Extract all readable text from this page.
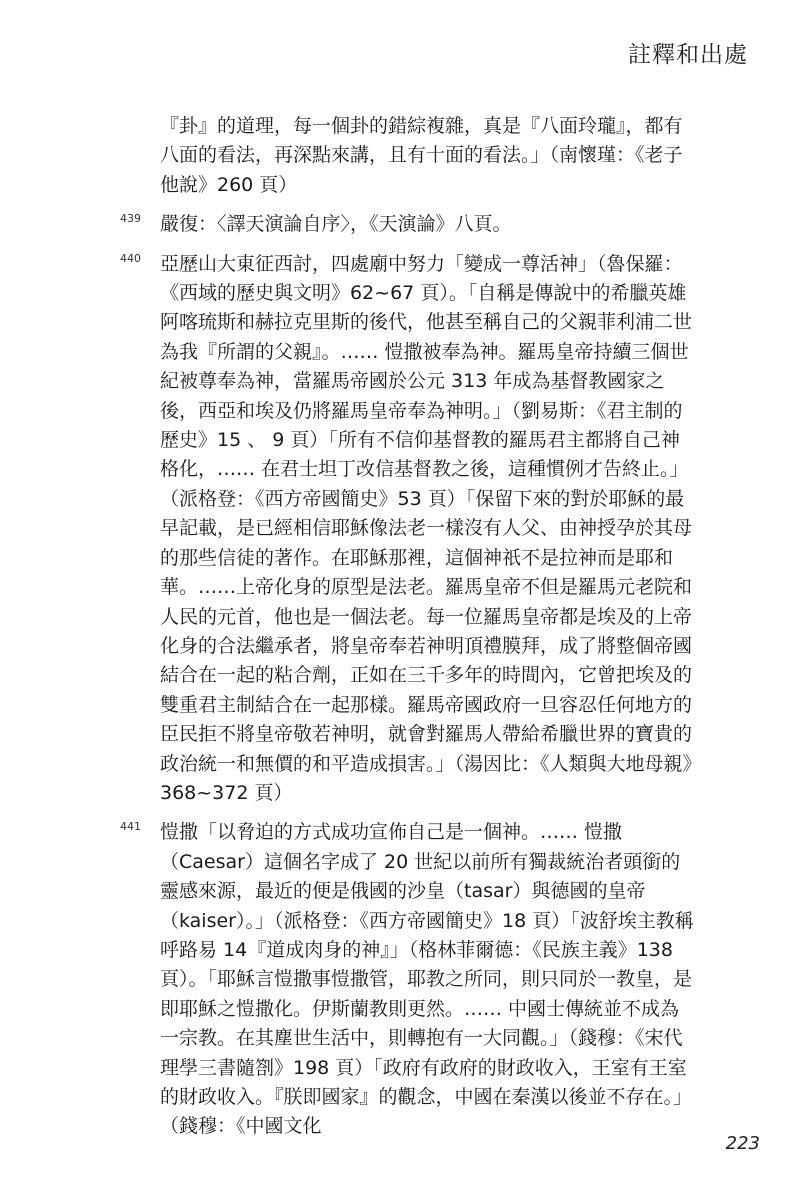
註釋和出處

『卦』的道理，每一個卦的錯綜複雜，真是『八面玲瓏』，都有八面的看法，再深點來講，且有十面的看法。」（南懷瑾：《老子他說》260 頁）

439 嚴復：〈譯天演論自序〉，《天演論》八頁。
440 亞歷山大東征西討，四處廟中努力「變成一尊活神」（魯保羅：《西域的歷史與文明》62~67 頁）。「自稱是傳說中的希臘英雄阿喀琉斯和赫拉克里斯的後代，他甚至稱自己的父親菲利浦二世為我『所謂的父親』。…… 愷撒被奉為神。羅馬皇帝持續三個世紀被尊奉為神，當羅馬帝國於公元 313 年成為基督教國家之後，西亞和埃及仍將羅馬皇帝奉為神明。」（劉易斯：《君主制的歷史》15 、 9 頁）「所有不信仰基督教的羅馬君主都將自己神格化，…… 在君士坦丁改信基督教之後，這種慣例才告終止。」（派格登：《西方帝國簡史》53 頁）「保留下來的對於耶穌的最早記載，是已經相信耶穌像法老一樣沒有人父、由神授孕於其母的那些信徒的著作。在耶穌那裡，這個神祇不是拉神而是耶和華。……上帝化身的原型是法老。羅馬皇帝不但是羅馬元老院和人民的元首，他也是一個法老。每一位羅馬皇帝都是埃及的上帝化身的合法繼承者，將皇帝奉若神明頂禮膜拜，成了將整個帝國結合在一起的粘合劑，正如在三千多年的時間內，它曾把埃及的雙重君主制結合在一起那樣。羅馬帝國政府一旦容忍任何地方的臣民拒不將皇帝敬若神明，就會對羅馬人帶給希臘世界的寶貴的政治統一和無價的和平造成損害。」（湯因比：《人類與大地母親》368~372 頁）
441 愷撒「以脅迫的方式成功宣佈自己是一個神。…… 愷撒（Caesar）這個名字成了 20 世紀以前所有獨裁統治者頭銜的靈感來源，最近的便是俄國的沙皇（tasar）與德國的皇帝（kaiser）。」（派格登：《西方帝國簡史》18 頁）「波舒埃主教稱呼路易 14『道成肉身的神』」（格林菲爾德：《民族主義》138 頁）。「耶穌言愷撒事愷撒管，耶教之所同，則只同於一教皇，是即耶穌之愷撒化。伊斯蘭教則更然。…… 中國士傳統並不成為一宗教。在其塵世生活中，則轉抱有一大同觀。」（錢穆：《宋代理學三書隨劄》198 頁）「政府有政府的財政收入，王室有王室的財政收入。『朕即國家』的觀念，中國在秦漢以後並不存在。」（錢穆：《中國文化
223
